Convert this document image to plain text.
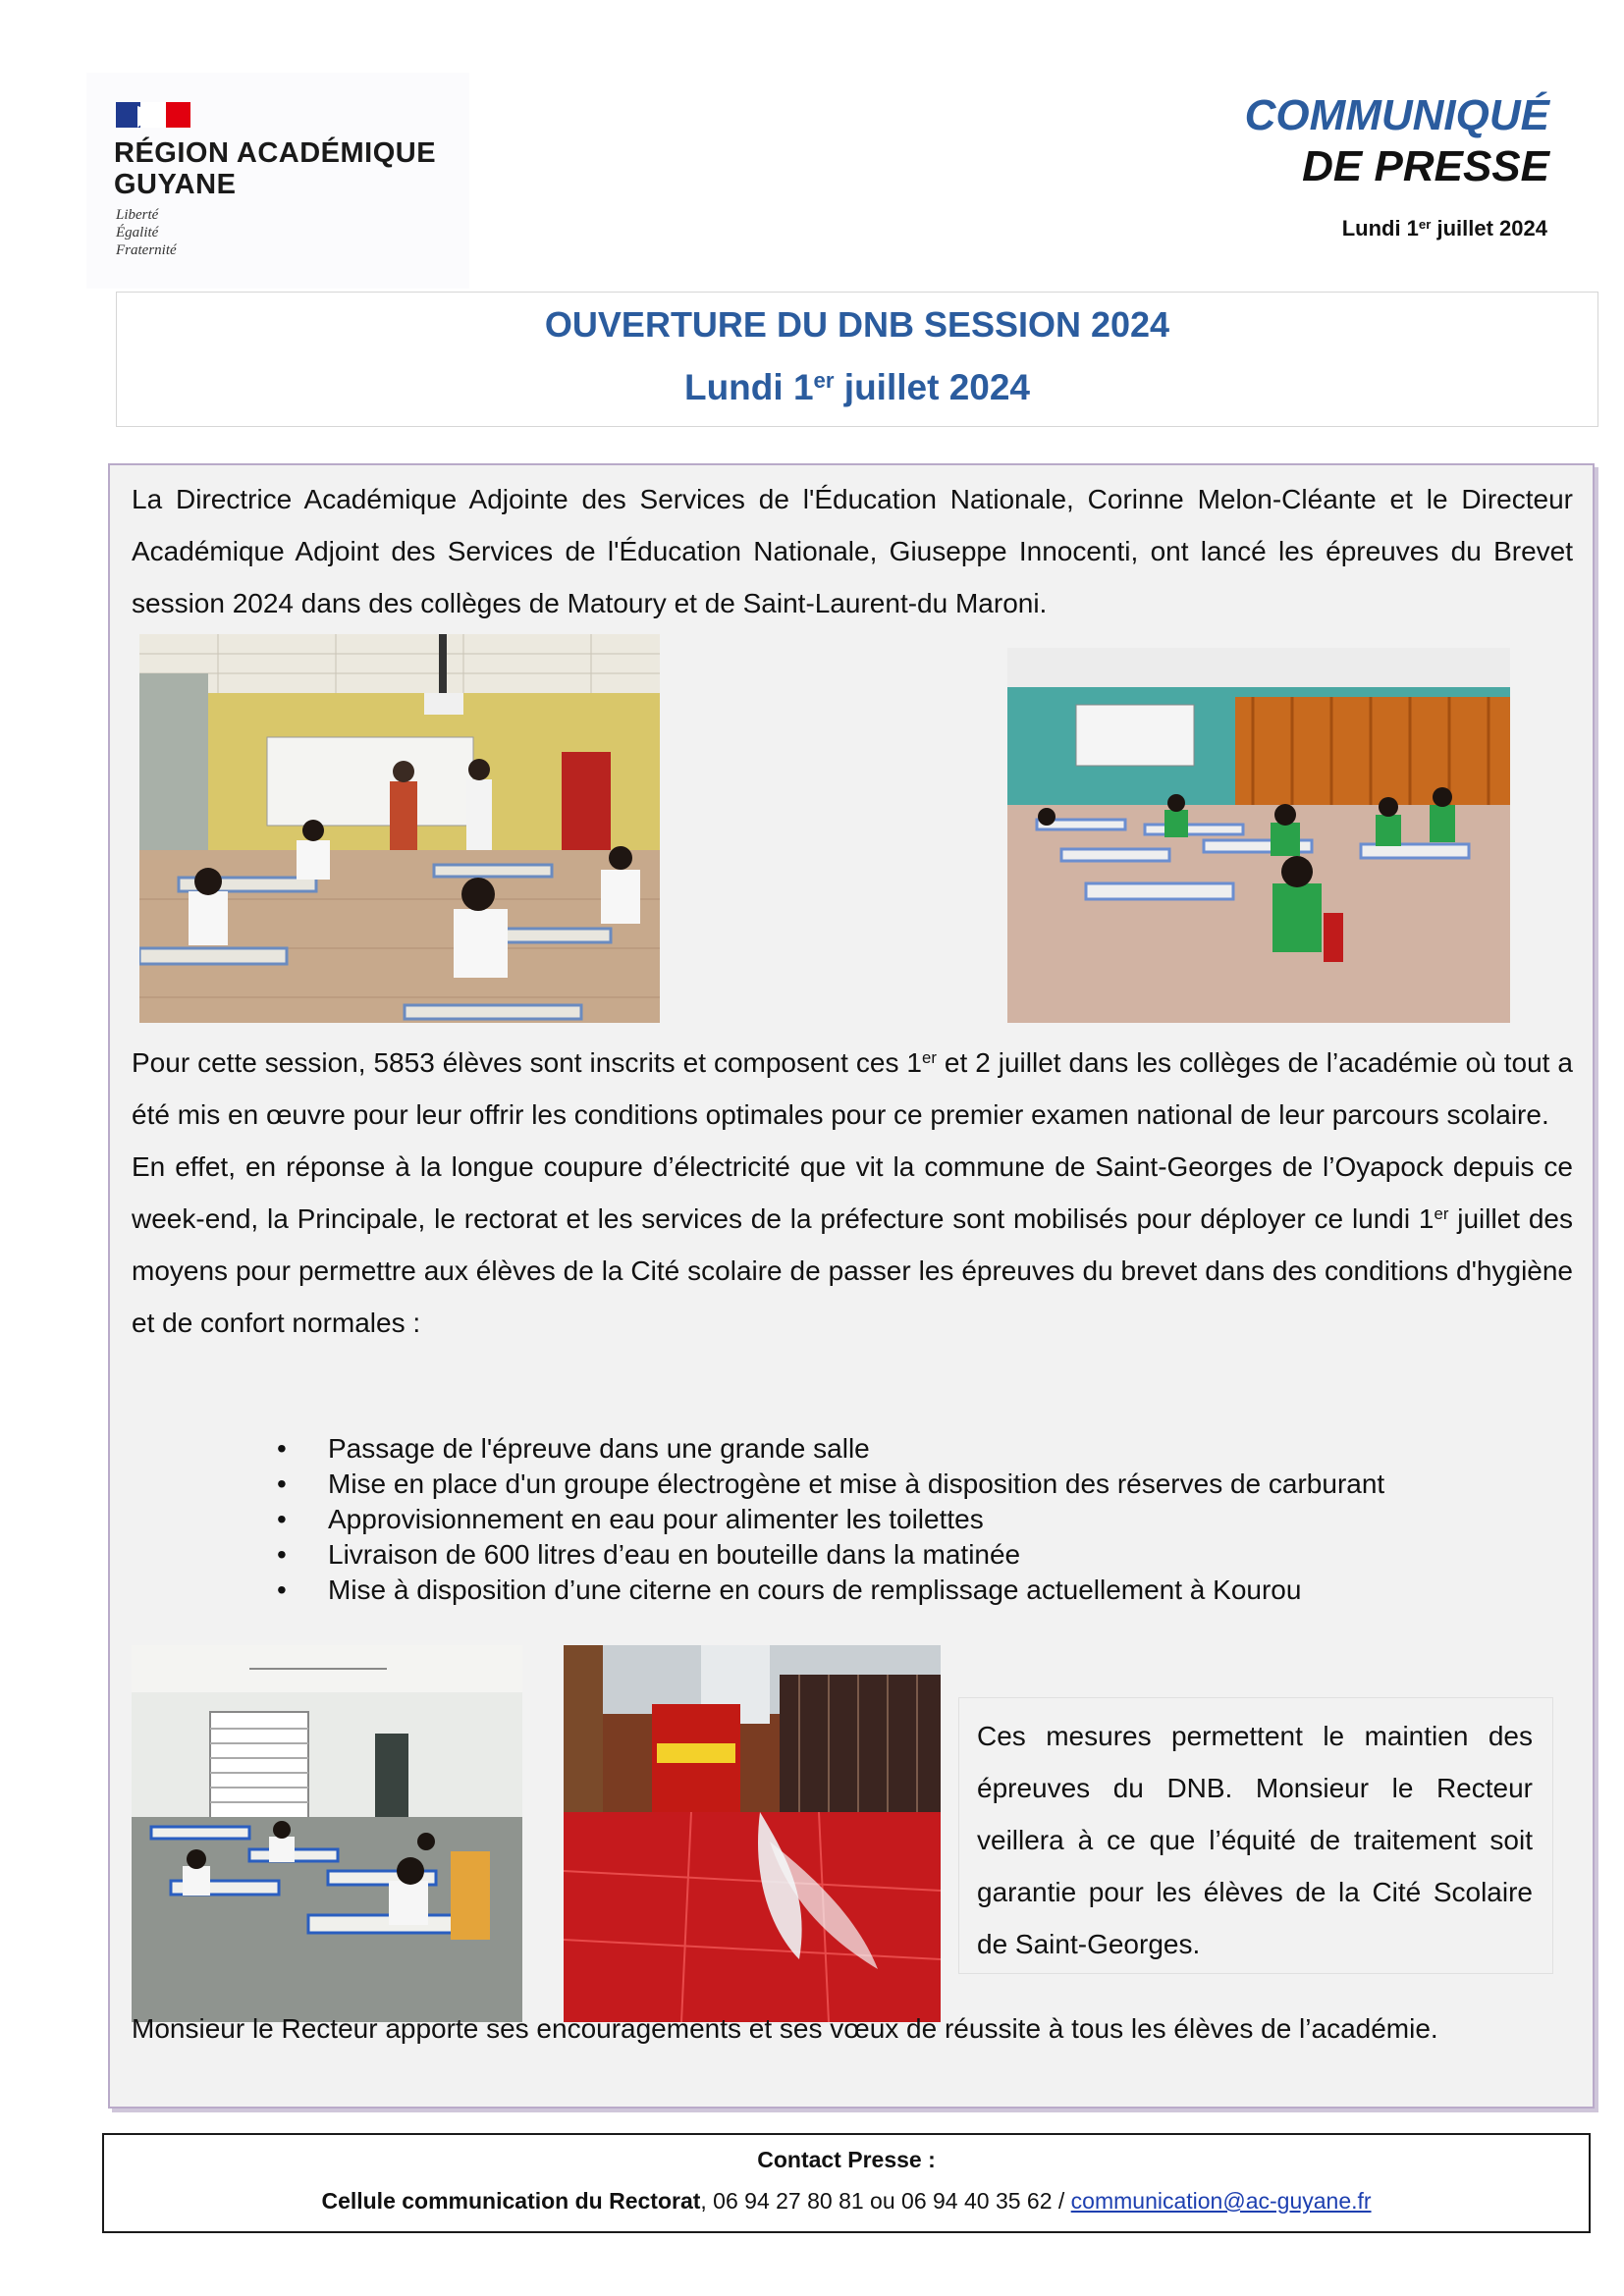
RÉGION ACADÉMIQUE
GUYANE
Liberté
Égalité
Fraternité
COMMUNIQUÉ
DE PRESSE
Lundi 1er juillet 2024
OUVERTURE DU DNB SESSION 2024
Lundi 1er juillet 2024
La Directrice Académique Adjointe des Services de l'Éducation Nationale, Corinne Melon-Cléante et le Directeur Académique Adjoint des Services de l'Éducation Nationale, Giuseppe Innocenti, ont lancé les épreuves du Brevet session 2024 dans des collèges de Matoury et de Saint-Laurent-du Maroni.

Pour cette session, 5853 élèves sont inscrits et composent ces 1er et 2 juillet dans les collèges de l’académie où tout a été mis en œuvre pour leur offrir les conditions optimales pour ce premier examen national de leur parcours scolaire.

En effet, en réponse à la longue coupure d’électricité que vit la commune de Saint-Georges de l’Oyapock depuis ce week-end, la Principale, le rectorat et les services de la préfecture sont mobilisés pour déployer ce lundi 1er juillet des moyens pour permettre aux élèves de la Cité scolaire de passer les épreuves du brevet dans des conditions d'hygiène et de confort normales :

• Passage de l'épreuve dans une grande salle
• Mise en place d'un groupe électrogène et mise à disposition des réserves de carburant
• Approvisionnement en eau pour alimenter les toilettes
• Livraison de 600 litres d’eau en bouteille dans la matinée
• Mise à disposition d’une citerne en cours de remplissage actuellement à Kourou
Ces mesures permettent le maintien des épreuves du DNB. Monsieur le Recteur veillera à ce que l’équité de traitement soit garantie pour les élèves de la Cité Scolaire de Saint-Georges.
Monsieur le Recteur apporte ses encouragements et ses vœux de réussite à tous les élèves de l’académie.
Contact Presse :
Cellule communication du Rectorat, 06 94 27 80 81 ou 06 94 40 35 62 / communication@ac-guyane.fr
